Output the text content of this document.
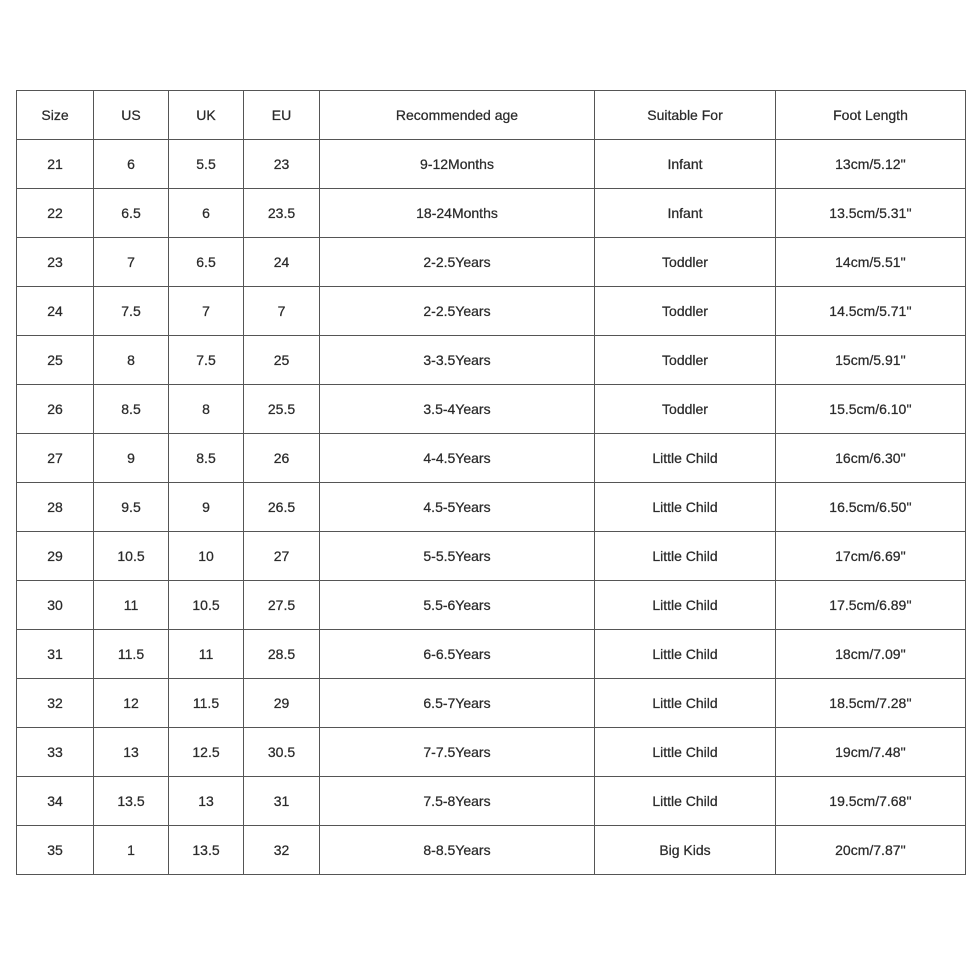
Size	US	UK	EU	Recommended age	Suitable For	Foot Length
21	6	5.5	23	9-12Months	Infant	13cm/5.12''
22	6.5	6	23.5	18-24Months	Infant	13.5cm/5.31''
23	7	6.5	24	2-2.5Years	Toddler	14cm/5.51''
24	7.5	7	7	2-2.5Years	Toddler	14.5cm/5.71''
25	8	7.5	25	3-3.5Years	Toddler	15cm/5.91''
26	8.5	8	25.5	3.5-4Years	Toddler	15.5cm/6.10''
27	9	8.5	26	4-4.5Years	Little Child	16cm/6.30''
28	9.5	9	26.5	4.5-5Years	Little Child	16.5cm/6.50''
29	10.5	10	27	5-5.5Years	Little Child	17cm/6.69''
30	11	10.5	27.5	5.5-6Years	Little Child	17.5cm/6.89''
31	11.5	11	28.5	6-6.5Years	Little Child	18cm/7.09''
32	12	11.5	29	6.5-7Years	Little Child	18.5cm/7.28''
33	13	12.5	30.5	7-7.5Years	Little Child	19cm/7.48''
34	13.5	13	31	7.5-8Years	Little Child	19.5cm/7.68''
35	1	13.5	32	8-8.5Years	Big Kids	20cm/7.87''
